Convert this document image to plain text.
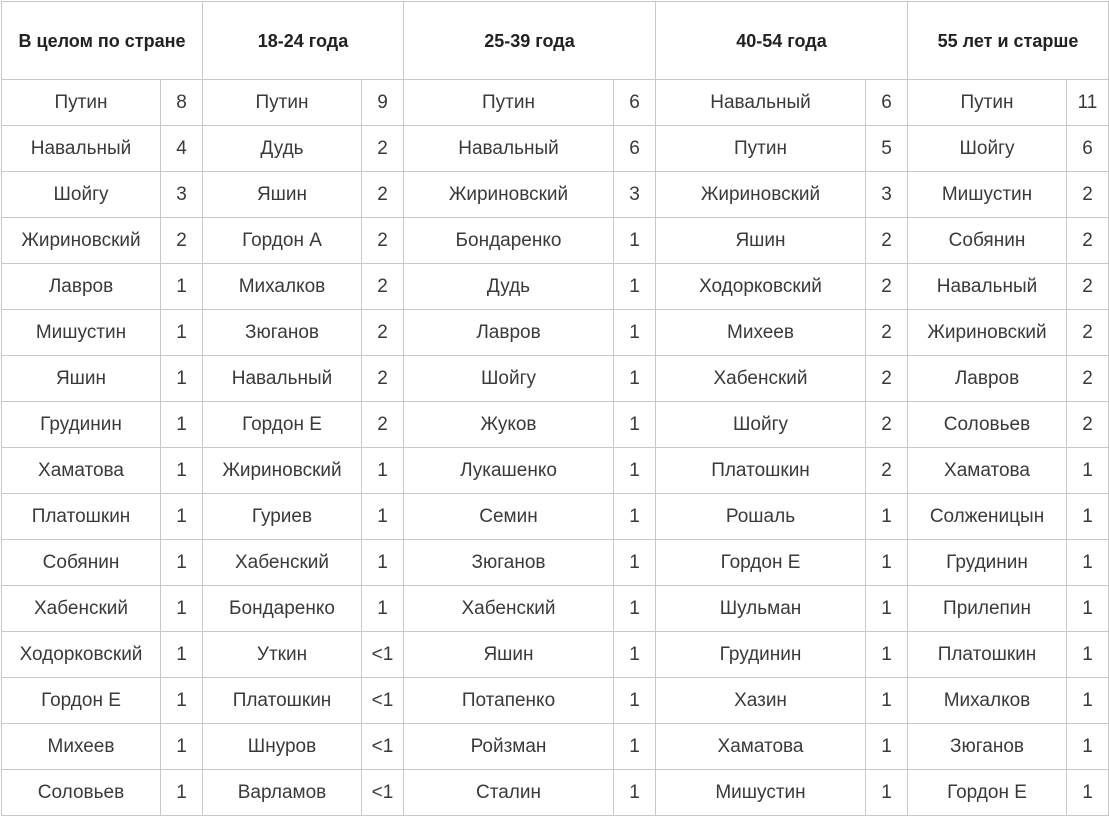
В целом по стране		18-24 года		25-39 года		40-54 года		55 лет и старше	
Путин	8	Путин	9	Путин	6	Навальный	6	Путин	11
Навальный	4	Дудь	2	Навальный	6	Путин	5	Шойгу	6
Шойгу	3	Яшин	2	Жириновский	3	Жириновский	3	Мишустин	2
Жириновский	2	Гордон А	2	Бондаренко	1	Яшин	2	Собянин	2
Лавров	1	Михалков	2	Дудь	1	Ходорковский	2	Навальный	2
Мишустин	1	Зюганов	2	Лавров	1	Михеев	2	Жириновский	2
Яшин	1	Навальный	2	Шойгу	1	Хабенский	2	Лавров	2
Грудинин	1	Гордон Е	2	Жуков	1	Шойгу	2	Соловьев	2
Хаматова	1	Жириновский	1	Лукашенко	1	Платошкин	2	Хаматова	1
Платошкин	1	Гуриев	1	Семин	1	Рошаль	1	Солженицын	1
Собянин	1	Хабенский	1	Зюганов	1	Гордон Е	1	Грудинин	1
Хабенский	1	Бондаренко	1	Хабенский	1	Шульман	1	Прилепин	1
Ходорковский	1	Уткин	<1	Яшин	1	Грудинин	1	Платошкин	1
Гордон Е	1	Платошкин	<1	Потапенко	1	Хазин	1	Михалков	1
Михеев	1	Шнуров	<1	Ройзман	1	Хаматова	1	Зюганов	1
Соловьев	1	Варламов	<1	Сталин	1	Мишустин	1	Гордон Е	1
